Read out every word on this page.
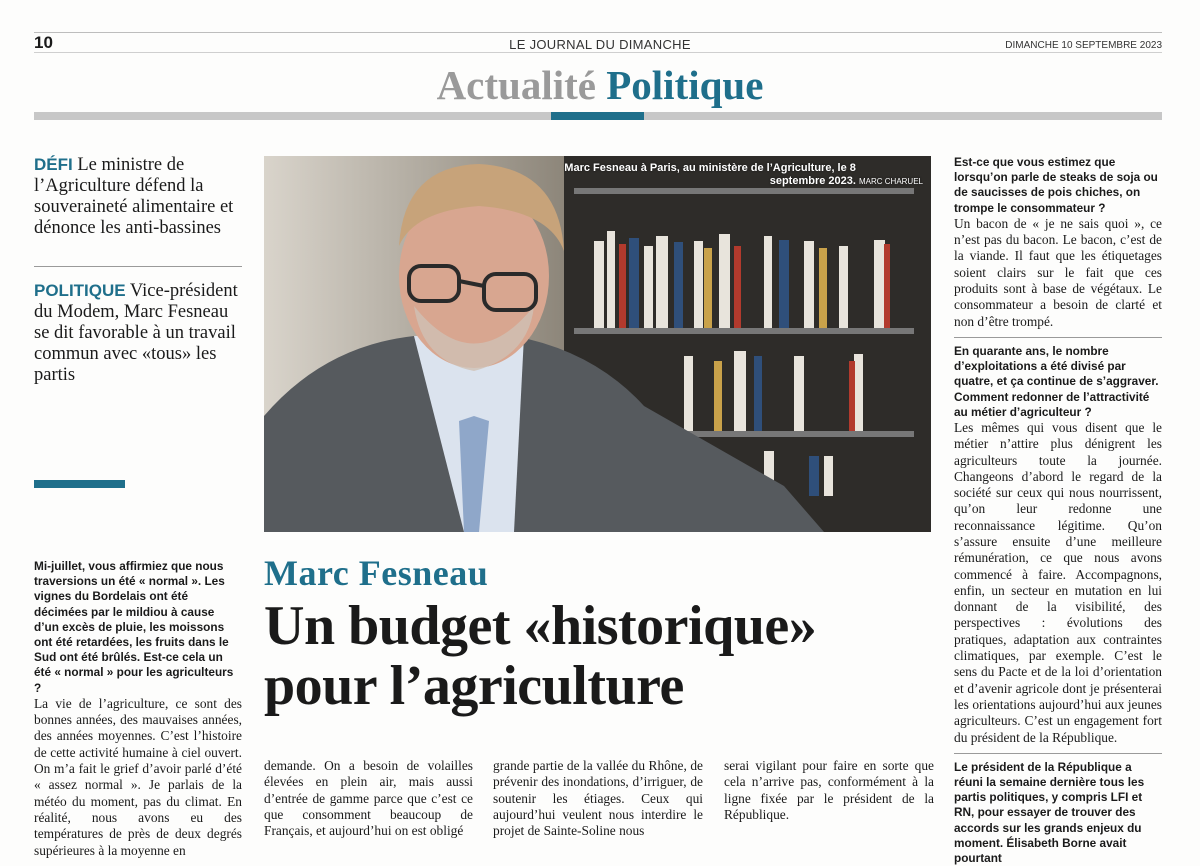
10	LE JOURNAL DU DIMANCHE	DIMANCHE 10 SEPTEMBRE 2023
Actualité Politique
DÉFI Le ministre de l’Agriculture défend la souveraineté alimentaire et dénonce les anti-bassines
POLITIQUE Vice-président du Modem, Marc Fesneau se dit favorable à un travail commun avec «tous» les partis
Marc Fesneau à Paris, au ministère de l’Agriculture, le 8 septembre 2023. MARC CHARUEL
Marc Fesneau
Un budget «historique»
pour l’agriculture

Mi-juillet, vous affirmiez que nous traversions un été « normal ». Les vignes du Bordelais ont été décimées par le mildiou à cause d’un excès de pluie, les moissons ont été retardées, les fruits dans le Sud ont été brûlés. Est-ce cela un été « normal » pour les agriculteurs ?

La vie de l’agriculture, ce sont des bonnes années, des mauvaises années, des années moyennes. C’est l’histoire de cette activité humaine à ciel ouvert. On m’a fait le grief d’avoir parlé d’été « assez normal ». Je parlais de la météo du moment, pas du climat. En réalité, nous avons eu des températures de près de deux degrés supérieures à la moyenne en

demande. On a besoin de volailles élevées en plein air, mais aussi d’entrée de gamme parce que c’est ce que consomment beaucoup de Français, et aujourd’hui on est obligé

grande partie de la vallée du Rhône, de prévenir des inondations, d’irriguer, de soutenir les étiages. Ceux qui aujourd’hui veulent nous interdire le projet de Sainte-Soline nous

serai vigilant pour faire en sorte que cela n’arrive pas, conformément à la ligne fixée par le président de la République.

Est-ce que vous estimez que lorsqu’on parle de steaks de soja ou de saucisses de pois chiches, on trompe le consommateur ?

Un bacon de « je ne sais quoi », ce n’est pas du bacon. Le bacon, c’est de la viande. Il faut que les étiquetages soient clairs sur le fait que ces produits sont à base de végétaux. Le consommateur a besoin de clarté et non d’être trompé.

En quarante ans, le nombre d’exploitations a été divisé par quatre, et ça continue de s’aggraver. Comment redonner de l’attractivité au métier d’agriculteur ?

Les mêmes qui vous disent que le métier n’attire plus dénigrent les agriculteurs toute la journée. Changeons d’abord le regard de la société sur ceux qui nous nourrissent, qu’on leur redonne une reconnaissance légitime. Qu’on s’assure ensuite d’une meilleure rémunération, ce que nous avons commencé à faire. Accompagnons, enfin, un secteur en mutation en lui donnant de la visibilité, des perspectives : évolutions des pratiques, adaptation aux contraintes climatiques, par exemple. C’est le sens du Pacte et de la loi d’orientation et d’avenir agricole dont je présenterai les orientations aujourd’hui aux jeunes agriculteurs. C’est un engagement fort du président de la République.

Le président de la République a réuni la semaine dernière tous les partis politiques, y compris LFI et RN, pour essayer de trouver des accords sur les grands enjeux du moment. Élisabeth Borne avait pourtant
